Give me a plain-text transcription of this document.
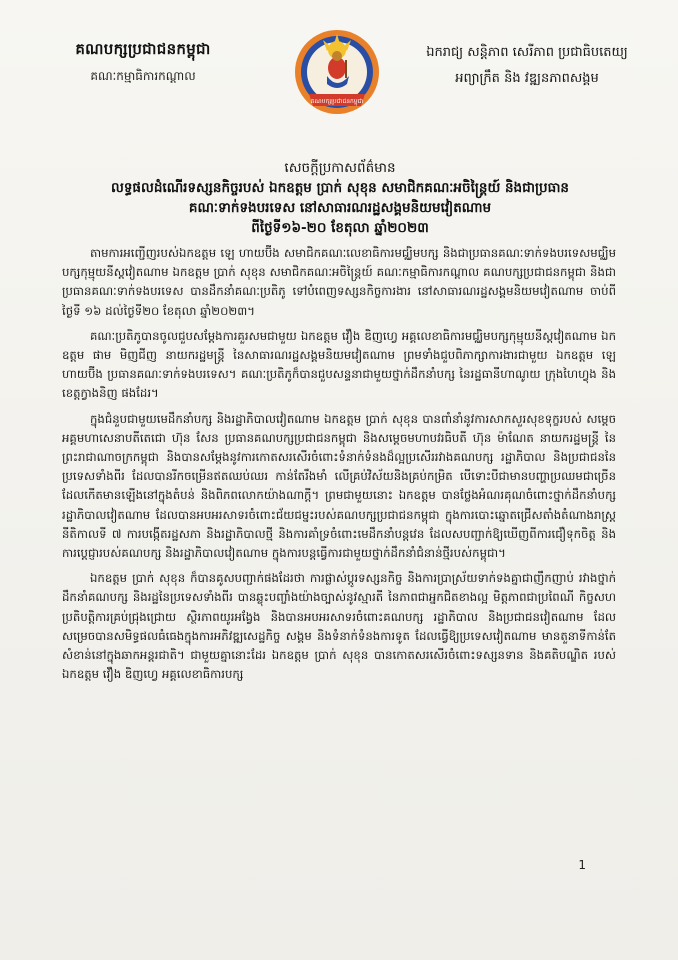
គណបក្សប្រជាជនកម្ពុជា
គណៈកម្មាធិការកណ្តាល
គណបក្សប្រជាជនកម្ពុជា
ឯករាជ្យ សន្តិភាព សេរីភាព ប្រជាធិបតេយ្យ
អព្យាក្រឹត និង វឌ្ឍនភាពសង្គម
សេចក្តីប្រកាសព័ត៌មាន
លទ្ធផលដំណើរទស្សនកិច្ចរបស់ ឯកឧត្តម ប្រាក់ សុខុន សមាជិកគណៈអចិន្ត្រៃយ៍ និងជាប្រធាន
គណៈទាក់ទងបរទេស នៅសាធារណរដ្ឋសង្គមនិយមវៀតណាម
ពីថ្ងៃទី១៦-២០ ខែតុលា ឆ្នាំ២០២៣

តាមការអញ្ជើញរបស់ឯកឧត្តម ឡេ ហាយប៊ីង សមាជិកគណៈលេខាធិការមជ្ឈិមបក្ស និងជាប្រធានគណៈទាក់ទងបរទេសមជ្ឈិមបក្សកុម្មុយនីស្តវៀតណាម ឯកឧត្តម ប្រាក់ សុខុន សមាជិកគណៈអចិន្ត្រៃយ៍ គណៈកម្មាធិការកណ្តាល គណបក្សប្រជាជនកម្ពុជា និងជាប្រធានគណៈទាក់ទងបរទេស បានដឹកនាំគណៈប្រតិភូ ទៅបំពេញទស្សនកិច្ចការងារ នៅសាធារណរដ្ឋសង្គមនិយមវៀតណាម ចាប់ពីថ្ងៃទី ១៦ ដល់ថ្ងៃទី២០ ខែតុលា ឆ្នាំ២០២៣។

គណៈប្រតិភូបានចូលជួបសម្តែងការគួរសមជាមួយ ឯកឧត្តម វឿង ឌិញហ្វេ អគ្គលេខាធិការមជ្ឈិមបក្សកុម្មុយនីស្តវៀតណាម ឯកឧត្តម ផាម មិញជីញ នាយករដ្ឋមន្ត្រី នៃសាធារណរដ្ឋសង្គមនិយមវៀតណាម ព្រមទាំងជួបពិភាក្សាការងារជាមួយ ឯកឧត្តម ឡេ ហាយប៊ីង ប្រធានគណៈទាក់ទងបរទេស។ គណៈប្រតិភូក៏បានជួបសន្ទនាជាមួយថ្នាក់ដឹកនាំបក្ស នៃរដ្ឋធានីហាណូយ ក្រុងហៃហ្វុង និងខេត្តក្វាងនិញ ផងដែរ។

ក្នុងជំនួបជាមួយមេដឹកនាំបក្ស និងរដ្ឋាភិបាលវៀតណាម ឯកឧត្តម ប្រាក់ សុខុន បានពាំនាំនូវការសាកសួរសុខទុក្ខរបស់ សម្តេចអគ្គមហាសេនាបតីតេជោ ហ៊ុន សែន ប្រធានគណបក្សប្រជាជនកម្ពុជា និងសម្តេចមហាបវរធិបតី ហ៊ុន ម៉ាណែត នាយករដ្ឋមន្ត្រី នៃព្រះរាជាណាចក្រកម្ពុជា និងបានសម្តែងនូវការកោតសរសើរចំពោះទំនាក់ទំនងដ៏ល្អប្រសើររវាងគណបក្ស រដ្ឋាភិបាល និងប្រជាជននៃប្រទេសទាំងពីរ ដែលបានរីកចម្រើនឥតឈប់ឈរ កាន់តែរឹងមាំ លើគ្រប់វិស័យនិងគ្រប់កម្រិត បើទោះបីជាមានបញ្ហាប្រឈមជាច្រើនដែលកើតមានឡើងនៅក្នុងតំបន់ និងពិភពលោកយ៉ាងណាក្តី។ ព្រមជាមួយនោះ ឯកឧត្តម បានថ្លែងអំណរគុណចំពោះថ្នាក់ដឹកនាំបក្ស រដ្ឋាភិបាលវៀតណាម ដែលបានអបអរសាទរចំពោះជ័យជម្នះរបស់គណបក្សប្រជាជនកម្ពុជា ក្នុងការបោះឆ្នោតជ្រើសតាំងតំណាងរាស្ត្រនីតិកាលទី ៧ ការបង្កើតរដ្ឋសភា និងរដ្ឋាភិបាលថ្មី និងការគាំទ្រចំពោះមេដឹកនាំបន្តវេន ដែលសបញ្ជាក់ឱ្យឃើញពីការជឿទុកចិត្ត និងការប្តេជ្ញារបស់គណបក្ស និងរដ្ឋាភិបាលវៀតណាម ក្នុងការបន្តធ្វើការជាមួយថ្នាក់ដឹកនាំជំនាន់ថ្មីរបស់កម្ពុជា។

ឯកឧត្តម ប្រាក់ សុខុន ក៏បានគូសបញ្ជាក់ផងដែរថា ការផ្លាស់ប្តូរទស្សនកិច្ច និងការប្រាស្រ័យទាក់ទងគ្នាជាញឹកញាប់ រវាងថ្នាក់ដឹកនាំគណបក្ស និងរដ្ឋនៃប្រទេសទាំងពីរ បានឆ្លុះបញ្ចាំងយ៉ាងច្បាស់នូវស្មារតី នៃភាពជាអ្នកជិតខាងល្អ មិត្តភាពជាប្រពៃណី កិច្ចសហប្រតិបត្តិការគ្រប់ជ្រុងជ្រោយ ស្ថិរភាពយូរអង្វែង និងបានអបអរសាទរចំពោះគណបក្ស រដ្ឋាភិបាល និងប្រជាជនវៀតណាម ដែលសម្រេចបានសមិទ្ធផលធំធេងក្នុងការអភិវឌ្ឍសេដ្ឋកិច្ច សង្គម និងទំនាក់ទំនងការទូត ដែលធ្វើឱ្យប្រទេសវៀតណាម មានតួនាទីកាន់តែសំខាន់នៅក្នុងឆាកអន្តរជាតិ។ ជាមួយគ្នានោះដែរ ឯកឧត្តម ប្រាក់ សុខុន បានកោតសរសើរចំពោះទស្សនទាន និងគតិបណ្ឌិត របស់ឯកឧត្តម វឿង ឌិញហ្វេ អគ្គលេខាធិការបក្ស

1
